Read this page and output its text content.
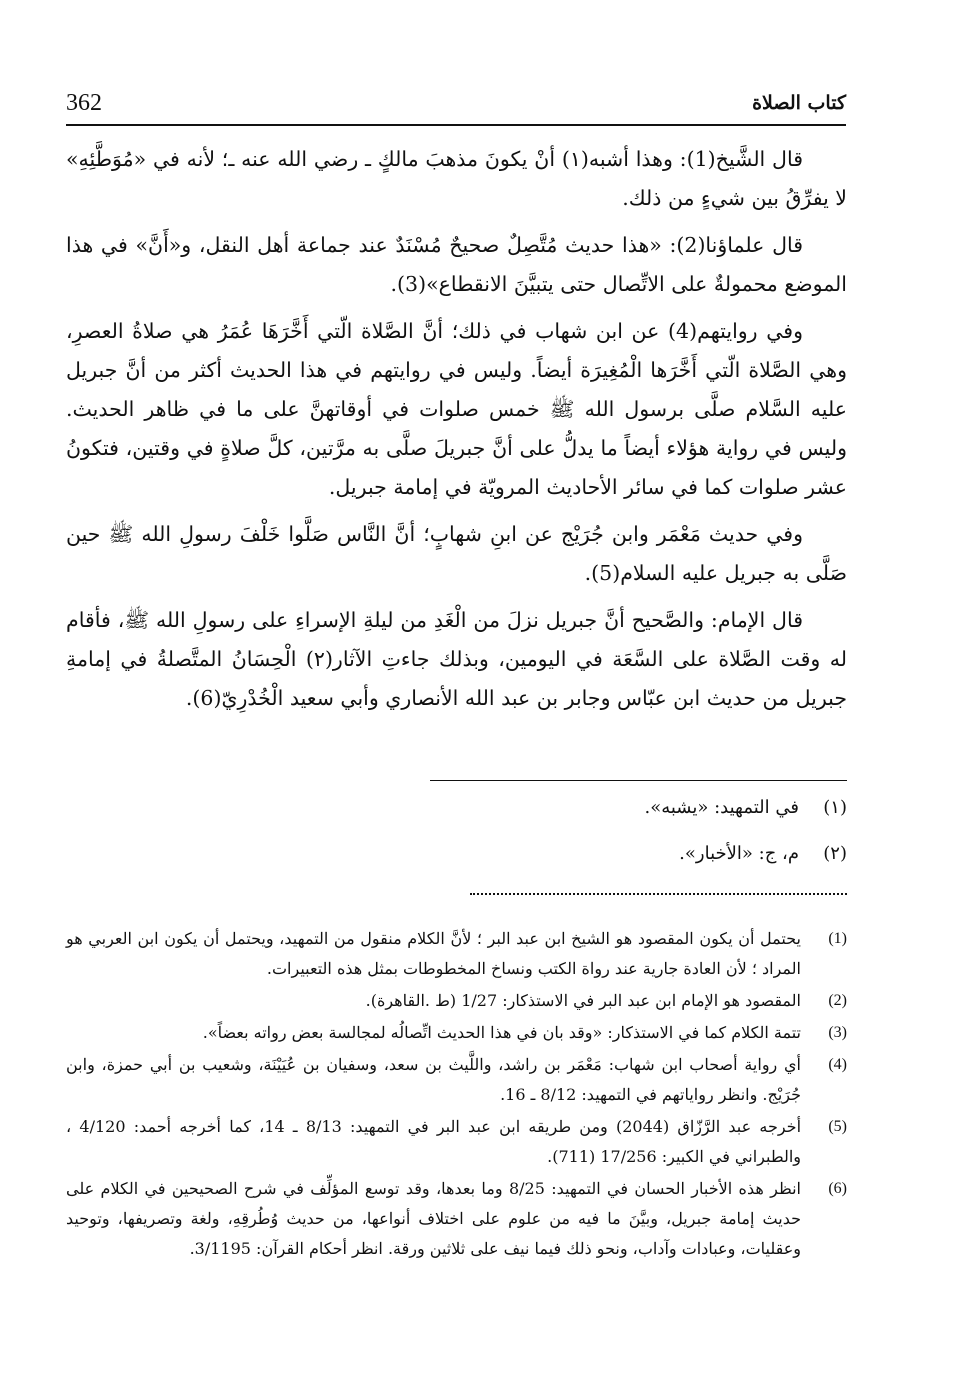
362	كتاب الصلاة

قال الشَّيخ(1): وهذا أشبه(١) أنْ يكونَ مذهبَ مالكٍ ـ رضي الله عنه ـ؛ لأنه في «مُوَطَّئِهِ» لا يفرِّقُ بين شيءٍ من ذلك.

قال علماؤنا(2): «هذا حديث مُتَّصِلٌ صحيحٌ مُسْنَدٌ عند جماعة أهل النقل، و«أَنَّ» في هذا الموضع محمولةٌ على الاتِّصال حتى يتبيَّنَ الانقطاع»(3).

وفي روايتهم(4) عن ابن شهاب في ذلك؛ أنَّ الصَّلاة الّتي أَخَّرَهَا عُمَرُ هي صلاةُ العصرِ، وهي الصَّلاة الّتي أَخَّرَها الْمُغِيرَة أيضاً. وليس في روايتهم في هذا الحديث أكثر من أنَّ جبريل عليه السَّلام صلَّى برسول الله ﷺ خمس صلوات في أوقاتهنَّ على ما في ظاهر الحديث. وليس في رواية هؤلاء أيضاً ما يدلُّ على أنَّ جبريلَ صلَّى به مرَّتين، كلَّ صلاةٍ في وقتين، فتكونُ عشر صلوات كما في سائر الأحاديث المرويّة في إمامة جبريل.

وفي حديث مَعْمَر وابن جُرَيْج عن ابنِ شهابٍ؛ أنَّ النَّاس صَلَّوا خَلْفَ رسولِ الله ﷺ حين صَلَّى به جبريل عليه السلام(5).

قال الإمام: والصَّحيح أنَّ جبريل نزلَ من الْغَدِ من ليلةِ الإسراءِ على رسولِ الله ﷺ، فأقام له وقت الصَّلاة على السَّعَة في اليومين، وبذلك جاءتِ الآثار(٢) الْحِسَانُ المتَّصلةُ في إمامةِ جبريل من حديث ابن عبّاس وجابر بن عبد الله الأنصاري وأبي سعيد الْخُدْرِيّ(6).

(١)
في التمهيد: «يشبه».
(٢)
م، ج: «الأخبار».
(1)
يحتمل أن يكون المقصود هو الشيخ ابن عبد البر ؛ لأنَّ الكلام منقول من التمهيد، ويحتمل أن يكون ابن العربي هو المراد ؛ لأن العادة جارية عند رواة الكتب ونساخ المخطوطات بمثل هذه التعبيرات.
(2)
المقصود هو الإمام ابن عبد البر في الاستذكار: 1/27 (ط .القاهرة).
(3)
تتمة الكلام كما في الاستذكار: «وقد بان في هذا الحديث اتِّصالُه لمجالسة بعض رواته بعضاً».
(4)
أي رواية أصحاب ابن شهاب: مَعْمَر بن راشد، واللَّيث بن سعد، وسفيان بن عُيَيْنَة، وشعيب بن أبي حمزة، وابن جُرَيْج. وانظر رواياتهم في التمهيد: 8/12 ـ 16.
(5)
أخرجه عبد الرَّزّاق (2044) ومن طريقه ابن عبد البر في التمهيد: 8/13 ـ 14، كما أخرجه أحمد: 4/120 ، والطبراني في الكبير: 17/256 (711).
(6)
انظر هذه الأخبار الحسان في التمهيد: 8/25 وما بعدها، وقد توسع المؤلِّف في شرح الصحيحين في الكلام على حديث إمامة جبريل، وبيَّنَ ما فيه من علوم على اختلاف أنواعها، من حديث وُطُرقِهِ، ولغة وتصريفها، وتوحيد وعقليات، وعبادات وآداب، ونحو ذلك فيما نيف على ثلاثين ورقة. انظر أحكام القرآن: 3/1195.
